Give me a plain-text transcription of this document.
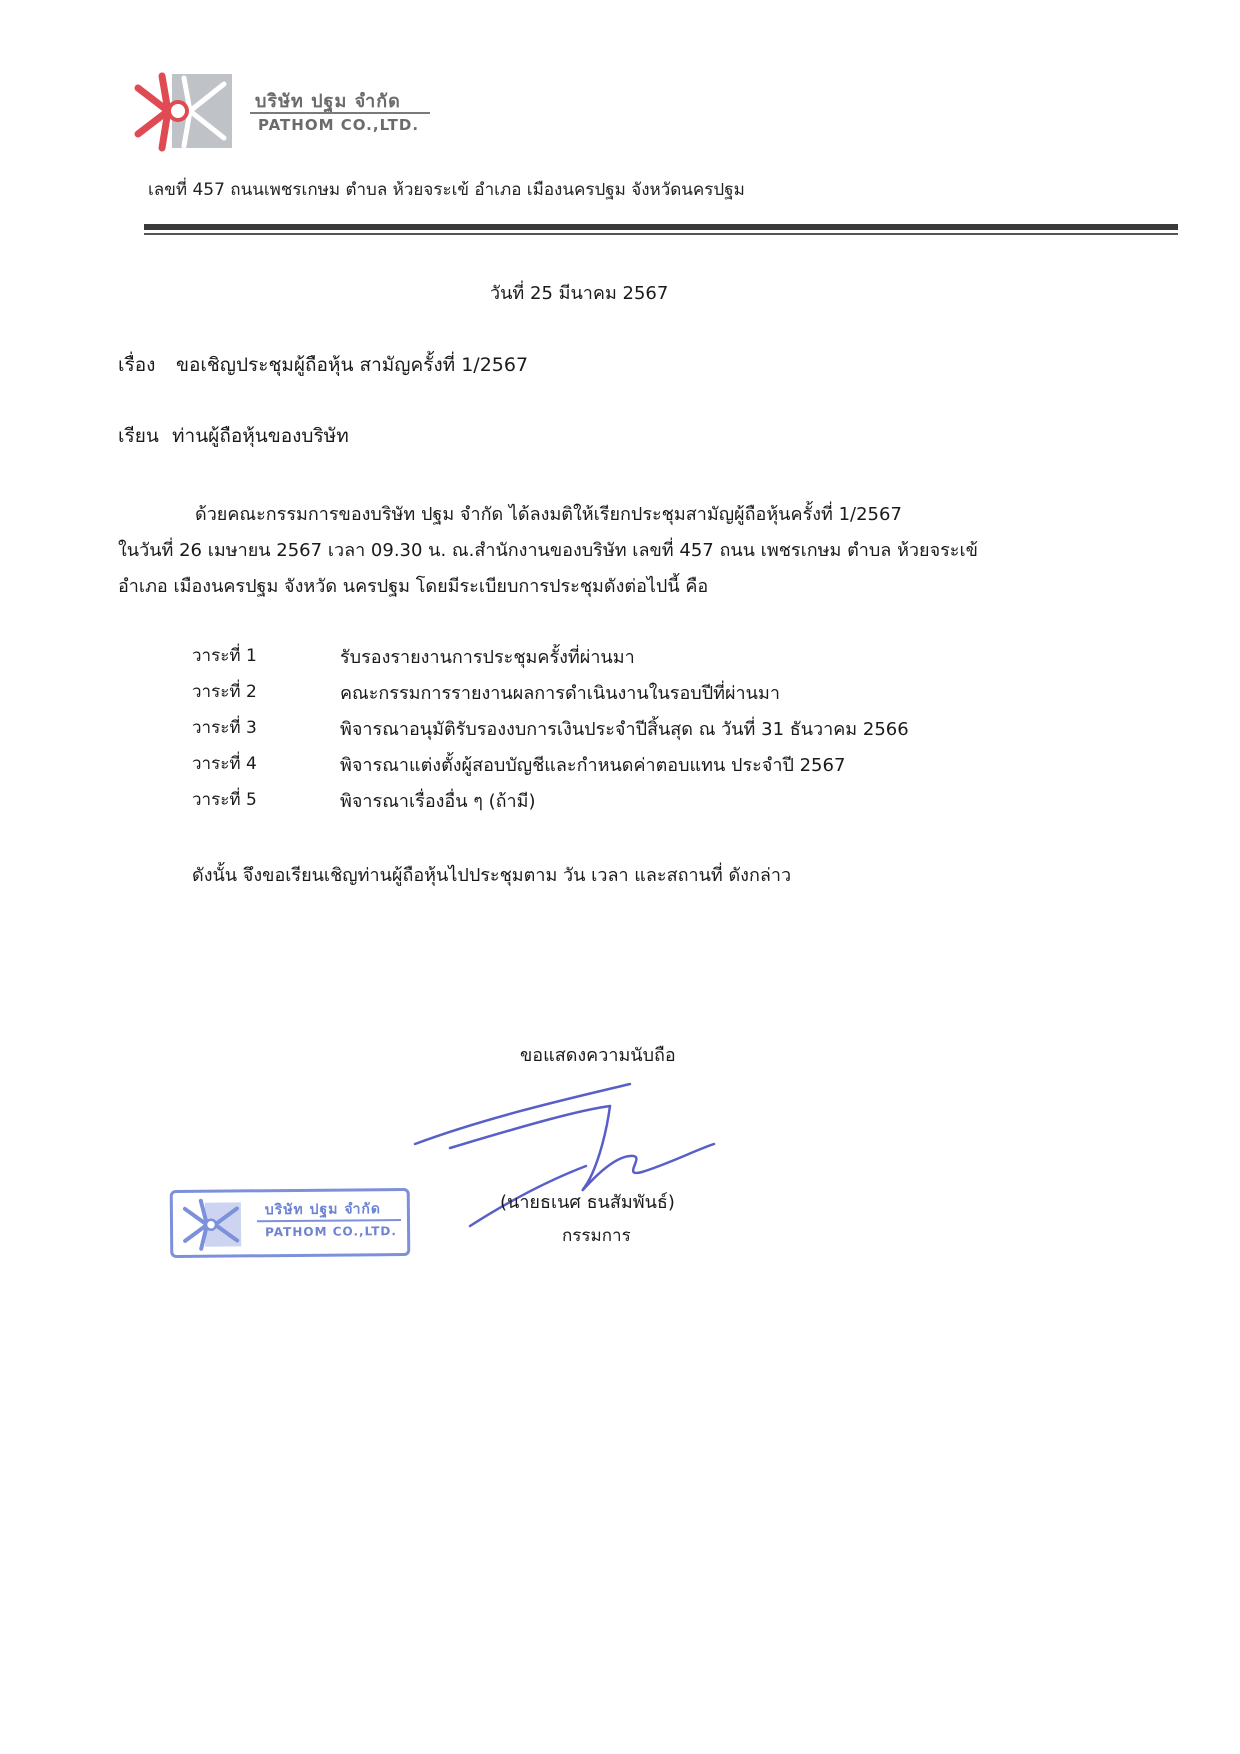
บริษัท ปฐม จำกัด
PATHOM CO.,LTD.
เลขที่ 457 ถนนเพชรเกษม ตำบล ห้วยจระเข้ อำเภอ เมืองนครปฐม จังหวัดนครปฐม
วันที่ 25 มีนาคม 2567
เรื่อง ขอเชิญประชุมผู้ถือหุ้น สามัญครั้งที่ 1/2567
เรียน ท่านผู้ถือหุ้นของบริษัท
ด้วยคณะกรรมการของบริษัท ปฐม จำกัด ได้ลงมติให้เรียกประชุมสามัญผู้ถือหุ้นครั้งที่ 1/2567
ในวันที่ 26 เมษายน 2567 เวลา 09.30 น. ณ.สำนักงานของบริษัท เลขที่ 457 ถนน เพชรเกษม ตำบล ห้วยจระเข้
อำเภอ เมืองนครปฐม จังหวัด นครปฐม โดยมีระเบียบการประชุมดังต่อไปนี้ คือ
วาระที่ 1	รับรองรายงานการประชุมครั้งที่ผ่านมา
วาระที่ 2	คณะกรรมการรายงานผลการดำเนินงานในรอบปีที่ผ่านมา
วาระที่ 3	พิจารณาอนุมัติรับรองงบการเงินประจำปีสิ้นสุด ณ วันที่ 31 ธันวาคม 2566
วาระที่ 4	พิจารณาแต่งตั้งผู้สอบบัญชีและกำหนดค่าตอบแทน ประจำปี 2567
วาระที่ 5	พิจารณาเรื่องอื่น ๆ (ถ้ามี)
ดังนั้น จึงขอเรียนเชิญท่านผู้ถือหุ้นไปประชุมตาม วัน เวลา และสถานที่ ดังกล่าว
ขอแสดงความนับถือ
(นายธเนศ ธนสัมพันธ์)
กรรมการ
บริษัท ปฐม จำกัด
PATHOM CO.,LTD.
